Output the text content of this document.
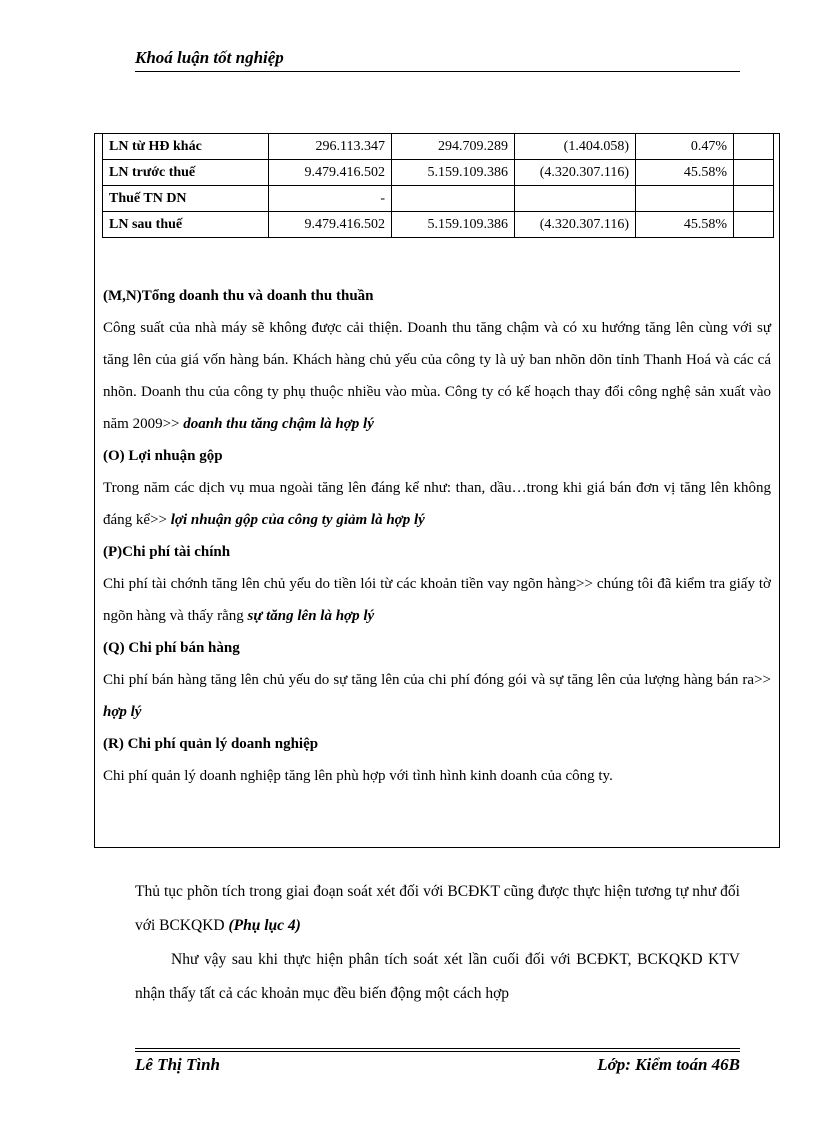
Khoá luận tốt nghiệp
LN từ HĐ khác	296.113.347	294.709.289	(1.404.058)	0.47%	
LN trước thuế	9.479.416.502	5.159.109.386	(4.320.307.116)	45.58%	
Thuế TN DN	-				
LN sau thuế	9.479.416.502	5.159.109.386	(4.320.307.116)	45.58%	
(M,N)Tổng doanh thu và doanh thu thuần

Công suất của nhà máy sẽ không được cải thiện. Doanh thu tăng chậm và có xu hướng tăng lên cùng với sự tăng lên của giá vốn hàng bán. Khách hàng chủ yếu của công ty là uỷ ban nhõn dõn tỉnh Thanh Hoá và các cá nhõn. Doanh thu của công ty phụ thuộc nhiều vào mùa. Công ty có kế hoạch thay đổi công nghệ sản xuất vào năm 2009>> doanh thu tăng chậm là hợp lý

(O) Lợi nhuận gộp

Trong năm các dịch vụ mua ngoài tăng lên đáng kể như: than, dầu…trong khi giá bán đơn vị tăng lên không đáng kể>> lợi nhuận gộp của công ty giảm là hợp lý

(P)Chi phí tài chính

Chi phí tài chớnh tăng lên chủ yếu do tiền lói từ các khoản tiền vay ngõn hàng>> chúng tôi đã kiểm tra giấy tờ ngõn hàng và thấy rằng sự tăng lên là hợp lý

(Q) Chi phí bán hàng

Chi phí bán hàng tăng lên chủ yếu do sự tăng lên của chi phí đóng gói và sự tăng lên của lượng hàng bán ra>> hợp lý

(R) Chi phí quản lý doanh nghiệp

Chi phí quản lý doanh nghiệp tăng lên phù hợp với tình hình kinh doanh của công ty.

Thủ tục phõn tích trong giai đoạn soát xét đối với BCĐKT cũng được thực hiện tương tự như đối với BCKQKD (Phụ lục 4)

Như vậy sau khi thực hiện phân tích soát xét lần cuối đối với BCĐKT, BCKQKD KTV nhận thấy tất cả các khoản mục đều biến động một cách hợp

Lê Thị Tình	Lớp: Kiểm toán 46B
